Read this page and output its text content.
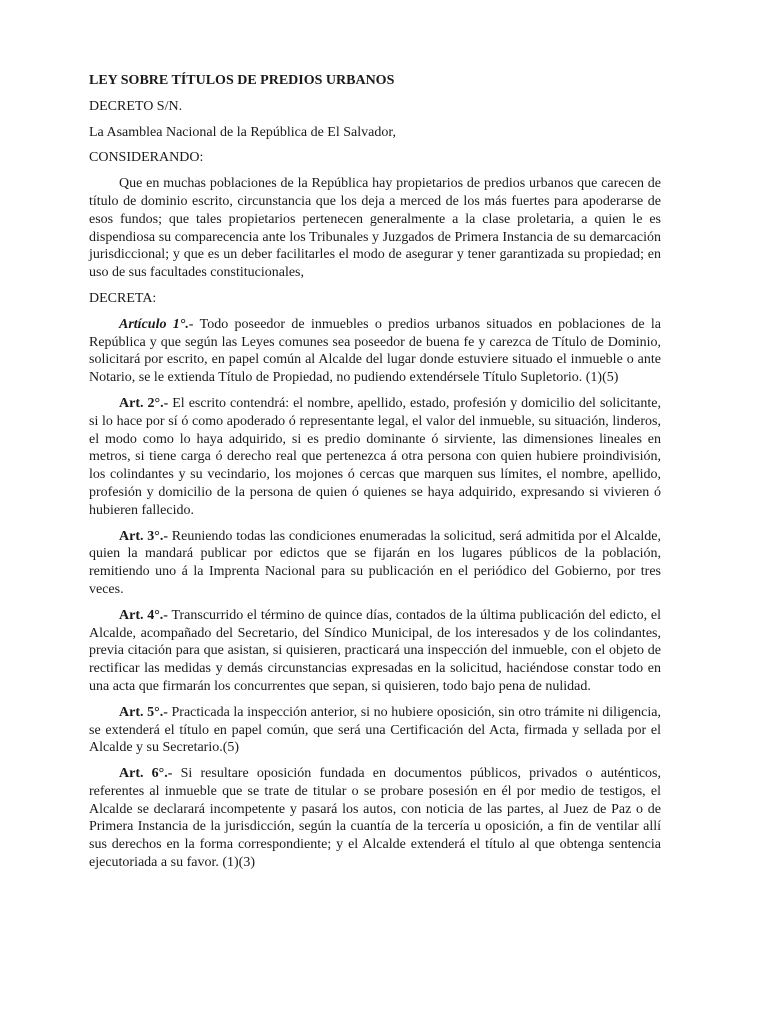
LEY SOBRE TÍTULOS DE PREDIOS URBANOS

DECRETO S/N.

La Asamblea Nacional de la República de El Salvador,

CONSIDERANDO:

Que en muchas poblaciones de la República hay propietarios de predios urbanos que carecen de título de dominio escrito, circunstancia que los deja a merced de los más fuertes para apoderarse de esos fundos; que tales propietarios pertenecen generalmente a la clase proletaria, a quien le es dispendiosa su comparecencia ante los Tribunales y Juzgados de Primera Instancia de su demarcación jurisdiccional; y que es un deber facilitarles el modo de asegurar y tener garantizada su propiedad; en uso de sus facultades constitucionales,

DECRETA:

Artículo 1°.- Todo poseedor de inmuebles o predios urbanos situados en poblaciones de la República y que según las Leyes comunes sea poseedor de buena fe y carezca de Título de Dominio, solicitará por escrito, en papel común al Alcalde del lugar donde estuviere situado el inmueble o ante Notario, se le extienda Título de Propiedad, no pudiendo extendérsele Título Supletorio. (1)(5)

Art. 2°.- El escrito contendrá: el nombre, apellido, estado, profesión y domicilio del solicitante, si lo hace por sí ó como apoderado ó representante legal, el valor del inmueble, su situación, linderos, el modo como lo haya adquirido, si es predio dominante ó sirviente, las dimensiones lineales en metros, si tiene carga ó derecho real que pertenezca á otra persona con quien hubiere proindivisión, los colindantes y su vecindario, los mojones ó cercas que marquen sus límites, el nombre, apellido, profesión y domicilio de la persona de quien ó quienes se haya adquirido, expresando si vivieren ó hubieren fallecido.

Art. 3°.- Reuniendo todas las condiciones enumeradas la solicitud, será admitida por el Alcalde, quien la mandará publicar por edictos que se fijarán en los lugares públicos de la población, remitiendo uno á la Imprenta Nacional para su publicación en el periódico del Gobierno, por tres veces.

Art. 4°.- Transcurrido el término de quince días, contados de la última publicación del edicto, el Alcalde, acompañado del Secretario, del Síndico Municipal, de los interesados y de los colindantes, previa citación para que asistan, si quisieren, practicará una inspección del inmueble, con el objeto de rectificar las medidas y demás circunstancias expresadas en la solicitud, haciéndose constar todo en una acta que firmarán los concurrentes que sepan, si quisieren, todo bajo pena de nulidad.

Art. 5°.- Practicada la inspección anterior, si no hubiere oposición, sin otro trámite ni diligencia, se extenderá el título en papel común, que será una Certificación del Acta, firmada y sellada por el Alcalde y su Secretario.(5)

Art. 6°.- Si resultare oposición fundada en documentos públicos, privados o auténticos, referentes al inmueble que se trate de titular o se probare posesión en él por medio de testigos, el Alcalde se declarará incompetente y pasará los autos, con noticia de las partes, al Juez de Paz o de Primera Instancia de la jurisdicción, según la cuantía de la tercería u oposición, a fin de ventilar allí sus derechos en la forma correspondiente; y el Alcalde extenderá el título al que obtenga sentencia ejecutoriada a su favor. (1)(3)
